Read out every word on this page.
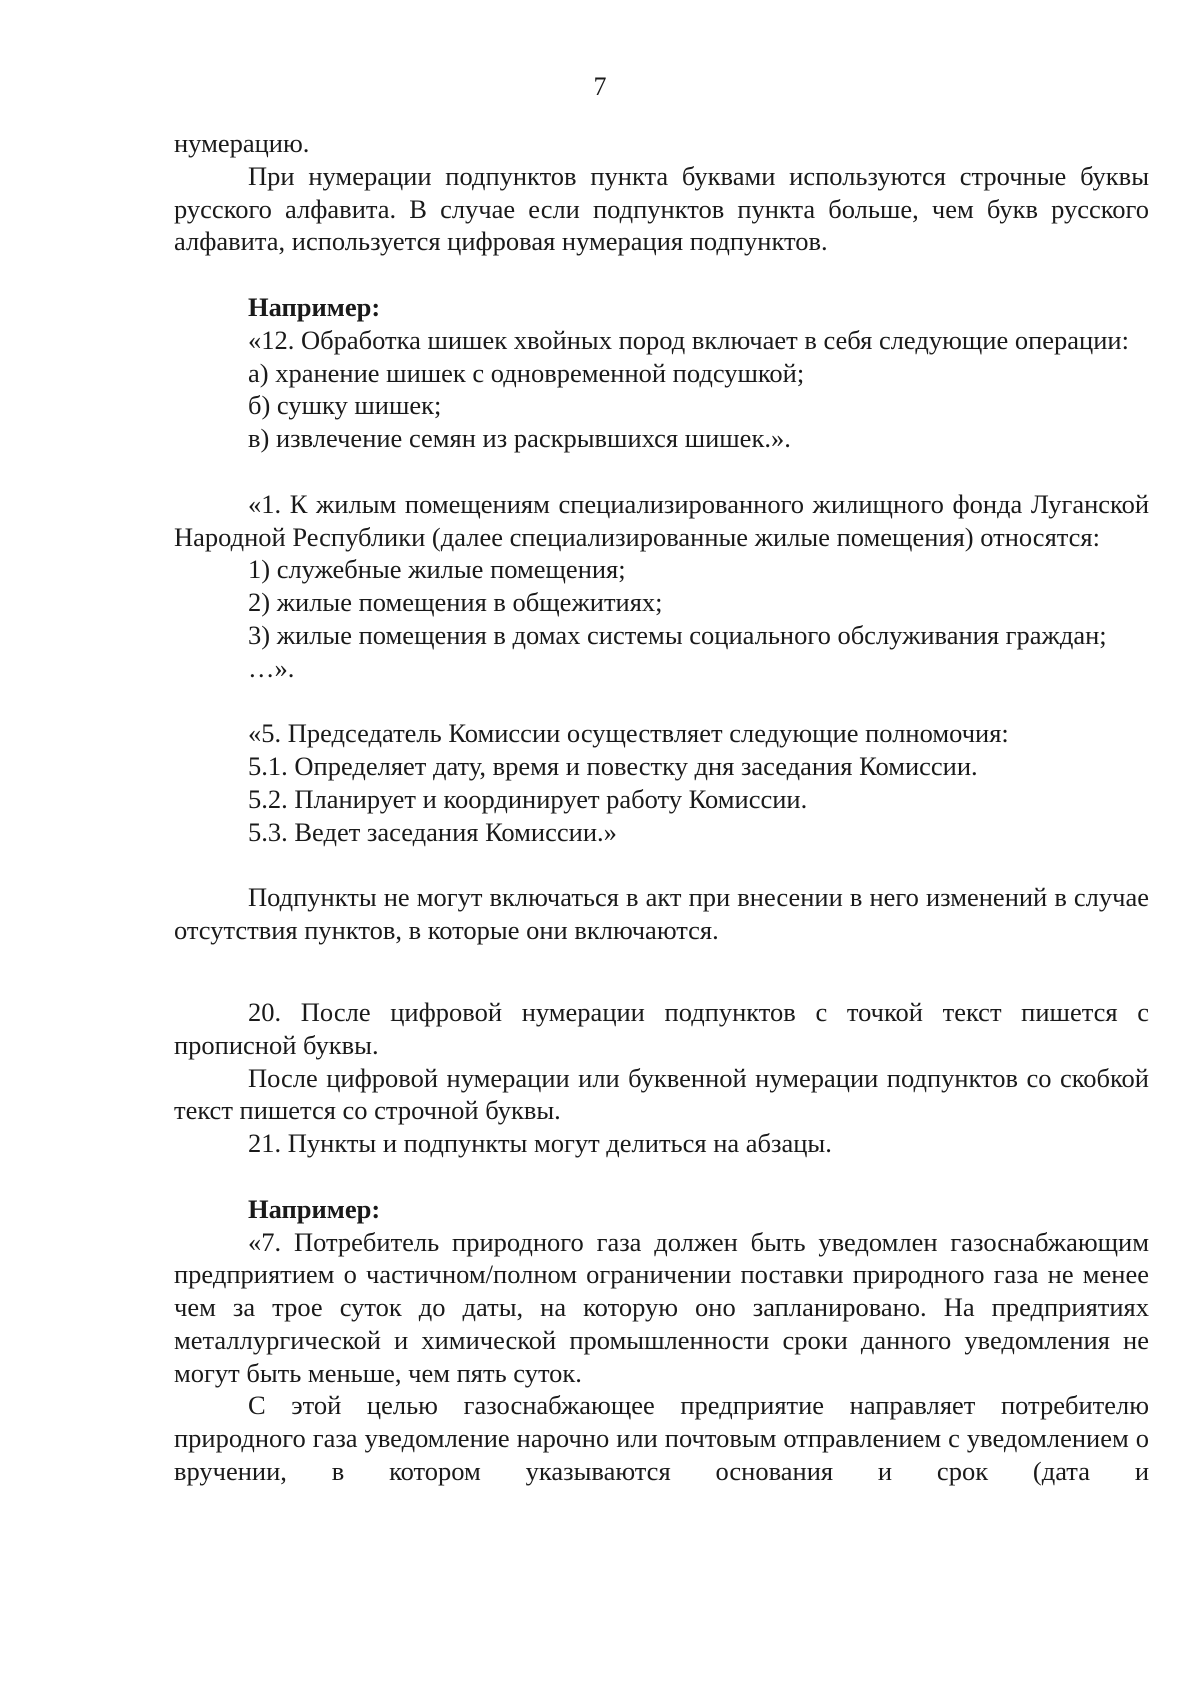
7

нумерацию.

При нумерации подпунктов пункта буквами используются строчные буквы русского алфавита. В случае если подпунктов пункта больше, чем букв русского алфавита, используется цифровая нумерация подпунктов.

Например:

«12. Обработка шишек хвойных пород включает в себя следующие операции:

а) хранение шишек с одновременной подсушкой;

б) сушку шишек;

в) извлечение семян из раскрывшихся шишек.».

«1. К жилым помещениям специализированного жилищного фонда Луганской Народной Республики (далее специализированные жилые помещения) относятся:

1) служебные жилые помещения;

2) жилые помещения в общежитиях;

3) жилые помещения в домах системы социального обслуживания граждан;

…».

«5. Председатель Комиссии осуществляет следующие полномочия:

5.1. Определяет дату, время и повестку дня заседания Комиссии.

5.2. Планирует и координирует работу Комиссии.

5.3. Ведет заседания Комиссии.»

Подпункты не могут включаться в акт при внесении в него изменений в случае отсутствия пунктов, в которые они включаются.

20. После цифровой нумерации подпунктов с точкой текст пишется с прописной буквы.

После цифровой нумерации или буквенной нумерации подпунктов со скобкой текст пишется со строчной буквы.

21. Пункты и подпункты могут делиться на абзацы.

Например:

«7. Потребитель природного газа должен быть уведомлен газоснабжающим предприятием о частичном/полном ограничении поставки природного газа не менее чем за трое суток до даты, на которую оно запланировано. На предприятиях металлургической и химической промышленности сроки данного уведомления не могут быть меньше, чем пять суток.

С этой целью газоснабжающее предприятие направляет потребителю природного газа уведомление нарочно или почтовым отправлением с уведомлением о вручении, в котором указываются основания и срок (дата и
